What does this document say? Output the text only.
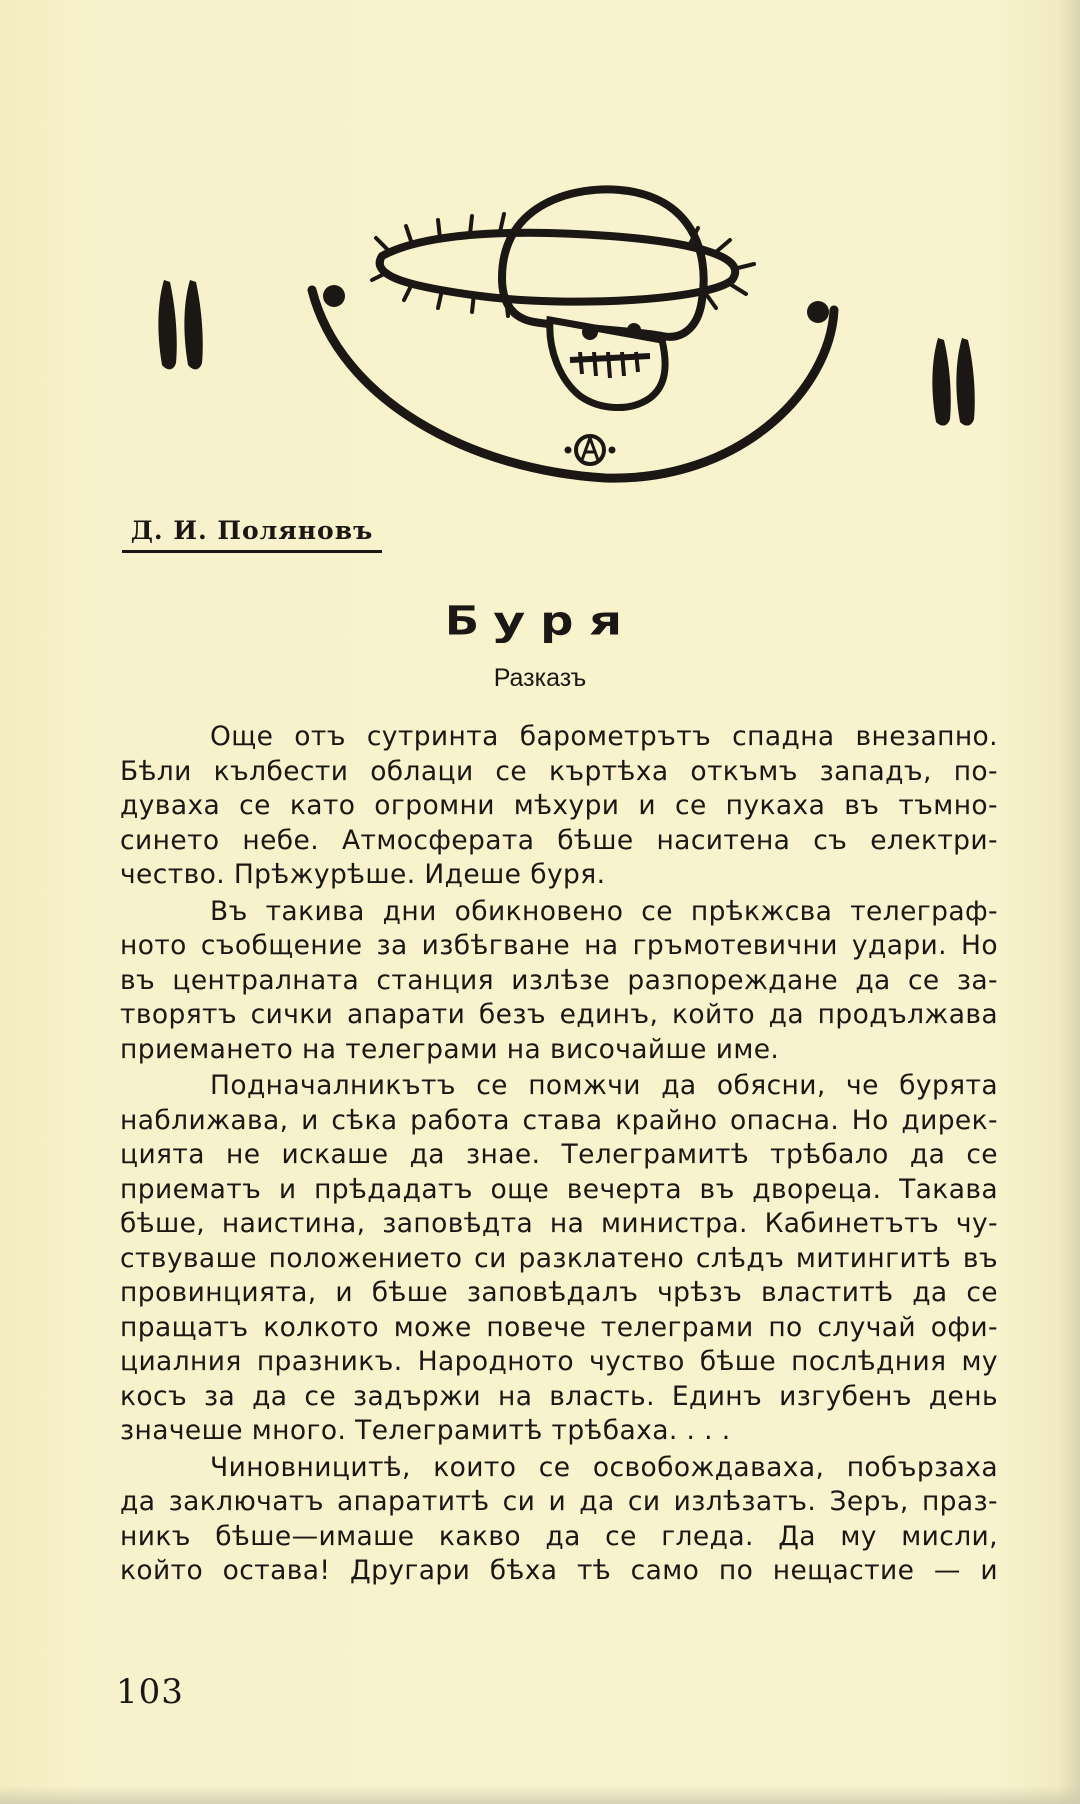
Д. И. Поляновъ
Буря
Разказъ

Още отъ сутринта барометрътъ спадна внезапно.
Бѣли кълбести облаци се къртѣха откъмъ западъ, по-
дуваха се като огромни мѣхури и се пукаха въ тъмно-
синето небе. Атмосферата бѣше наситена съ електри-
чество. Прѣжурѣше. Идеше буря.

Въ такива дни обикновено се прѣкжсва телеграф-
ното съобщение за избѣгване на гръмотевични удари. Но
въ централната станция излѣзе разпореждане да се за-
творятъ сички апарати безъ единъ, който да продължава
приемането на телеграми на височайше име.

Подначалникътъ се помжчи да обясни, че бурята
наближава, и сѣка работа става крайно опасна. Но дирек-
цията не искаше да знае. Телеграмитѣ трѣбало да се
приематъ и прѣдадатъ още вечерта въ двореца. Такава
бѣше, наистина, заповѣдта на министра. Кабинетътъ чу-
ствуваше положението си разклатено слѣдъ митингитѣ въ
провинцията, и бѣше заповѣдалъ чрѣзъ властитѣ да се
пращатъ колкото може повече телеграми по случай офи-
циалния празникъ. Народното чуство бѣше послѣдния му
косъ за да се задържи на власть. Единъ изгубенъ день
значеше много. Телеграмитѣ трѣбаха. . . .

Чиновницитѣ, които се освобождаваха, побързаха
да заключатъ апаратитѣ си и да си излѣзатъ. Зеръ, праз-
никъ бѣше—имаше какво да се гледа. Да му мисли,
който остава! Другари бѣха тѣ само по нещастие — и

103
